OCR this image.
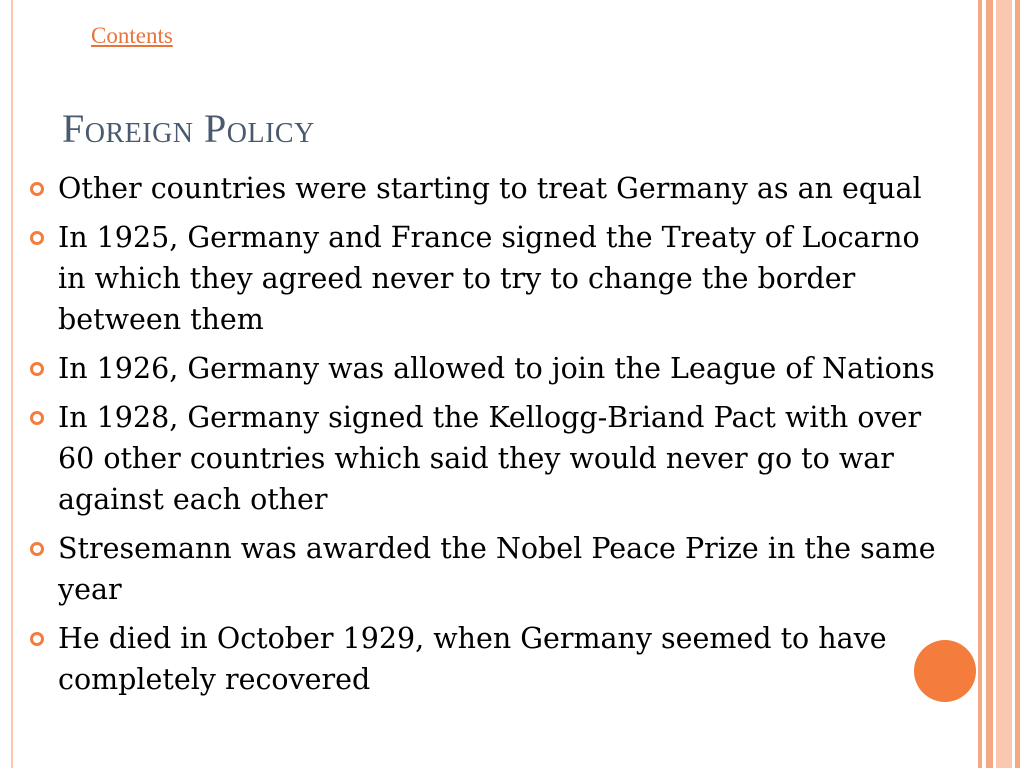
Contents
Foreign Policy
Other countries were starting to treat Germany as an equal
In 1925, Germany and France signed the Treaty of Locarno in which they agreed never to try to change the border between them
In 1926, Germany was allowed to join the League of Nations
In 1928, Germany signed the Kellogg-Briand Pact with over 60 other countries which said they would never go to war against each other
Stresemann was awarded the Nobel Peace Prize in the same year
He died in October 1929, when Germany seemed to have completely recovered
